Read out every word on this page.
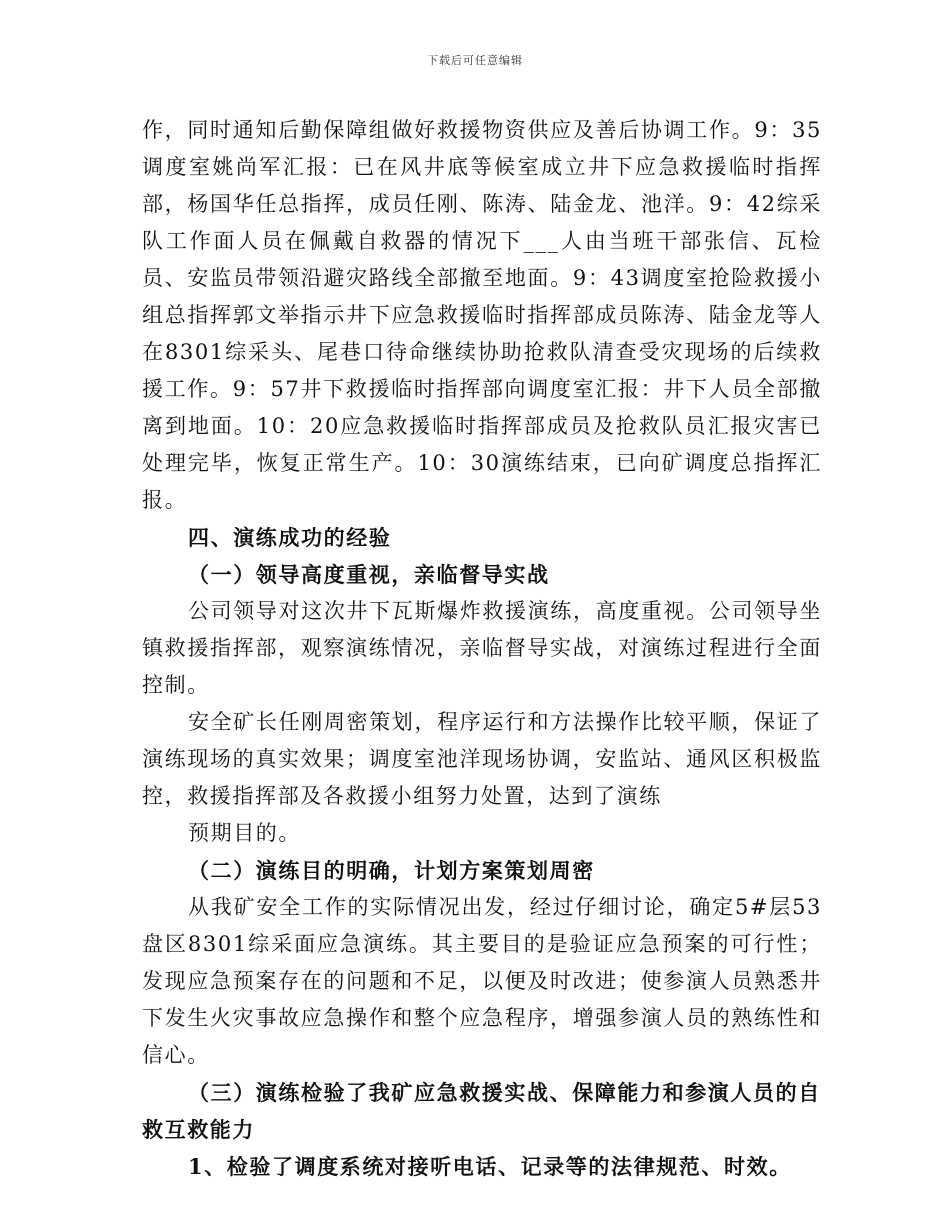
下载后可任意编辑

作，同时通知后勤保障组做好救援物资供应及善后协调工作。9：35调度室姚尚军汇报：已在风井底等候室成立井下应急救援临时指挥部，杨国华任总指挥，成员任刚、陈涛、陆金龙、池洋。9：42综采队工作面人员在佩戴自救器的情况下___人由当班干部张信、瓦检员、安监员带领沿避灾路线全部撤至地面。9：43调度室抢险救援小组总指挥郭文举指示井下应急救援临时指挥部成员陈涛、陆金龙等人在8301综采头、尾巷口待命继续协助抢救队清查受灾现场的后续救援工作。9：57井下救援临时指挥部向调度室汇报：井下人员全部撤离到地面。10：20应急救援临时指挥部成员及抢救队员汇报灾害已处理完毕，恢复正常生产。10：30演练结束，已向矿调度总指挥汇报。

四、演练成功的经验

（一）领导高度重视，亲临督导实战

公司领导对这次井下瓦斯爆炸救援演练，高度重视。公司领导坐镇救援指挥部，观察演练情况，亲临督导实战，对演练过程进行全面控制。

安全矿长任刚周密策划，程序运行和方法操作比较平顺，保证了演练现场的真实效果；调度室池洋现场协调，安监站、通风区积极监控，救援指挥部及各救援小组努力处置，达到了演练

预期目的。

（二）演练目的明确，计划方案策划周密

从我矿安全工作的实际情况出发，经过仔细讨论，确定5#层53盘区8301综采面应急演练。其主要目的是验证应急预案的可行性；发现应急预案存在的问题和不足，以便及时改进；使参演人员熟悉井下发生火灾事故应急操作和整个应急程序，增强参演人员的熟练性和信心。

（三）演练检验了我矿应急救援实战、保障能力和参演人员的自救互救能力

1、检验了调度系统对接听电话、记录等的法律规范、时效。
